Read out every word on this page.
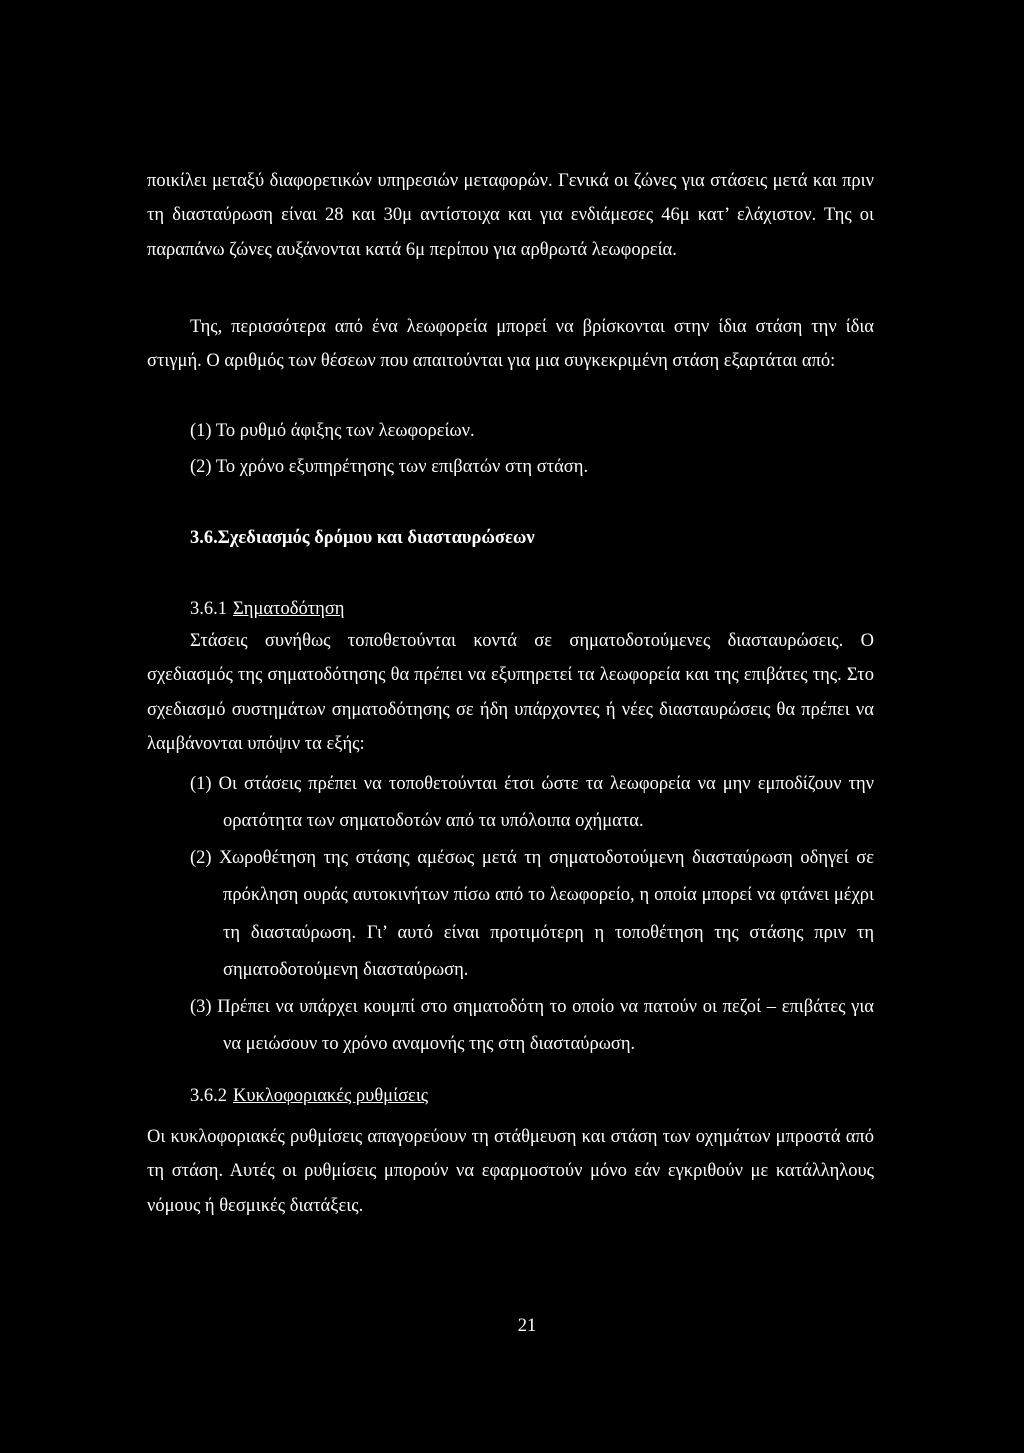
ποικίλει μεταξύ διαφορετικών υπηρεσιών μεταφορών. Γενικά οι ζώνες για στάσεις μετά και πριν τη διασταύρωση είναι 28 και 30μ αντίστοιχα και για ενδιάμεσες 46μ κατ’ ελάχιστον. Της οι παραπάνω ζώνες αυξάνονται κατά 6μ περίπου για αρθρωτά λεωφορεία.

Της, περισσότερα από ένα λεωφορεία μπορεί να βρίσκονται στην ίδια στάση την ίδια στιγμή. Ο αριθμός των θέσεων που απαιτούνται για μια συγκεκριμένη στάση εξαρτάται από:

(1) Το ρυθμό άφιξης των λεωφορείων.

(2) Το χρόνο εξυπηρέτησης των επιβατών στη στάση.

3.6.Σχεδιασμός δρόμου και διασταυρώσεων

3.6.1 Σηματοδότηση

Στάσεις συνήθως τοποθετούνται κοντά σε σηματοδοτούμενες διασταυρώσεις. Ο σχεδιασμός της σηματοδότησης θα πρέπει να εξυπηρετεί τα λεωφορεία και της επιβάτες της. Στο σχεδιασμό συστημάτων σηματοδότησης σε ήδη υπάρχοντες ή νέες διασταυρώσεις θα πρέπει να λαμβάνονται υπόψιν τα εξής:

(1) Οι στάσεις πρέπει να τοποθετούνται έτσι ώστε τα λεωφορεία να μην εμποδίζουν την ορατότητα των σηματοδοτών από τα υπόλοιπα οχήματα.

(2) Χωροθέτηση της στάσης αμέσως μετά τη σηματοδοτούμενη διασταύρωση οδηγεί σε πρόκληση ουράς αυτοκινήτων πίσω από το λεωφορείο, η οποία μπορεί να φτάνει μέχρι τη διασταύρωση. Γι’ αυτό είναι προτιμότερη η τοποθέτηση της στάσης πριν τη σηματοδοτούμενη διασταύρωση.

(3) Πρέπει να υπάρχει κουμπί στο σηματοδότη το οποίο να πατούν οι πεζοί – επιβάτες για να μειώσουν το χρόνο αναμονής της στη διασταύρωση.

3.6.2 Κυκλοφοριακές ρυθμίσεις

Οι κυκλοφοριακές ρυθμίσεις απαγορεύουν τη στάθμευση και στάση των οχημάτων μπροστά από τη στάση. Αυτές οι ρυθμίσεις μπορούν να εφαρμοστούν μόνο εάν εγκριθούν με κατάλληλους νόμους ή θεσμικές διατάξεις.

21
